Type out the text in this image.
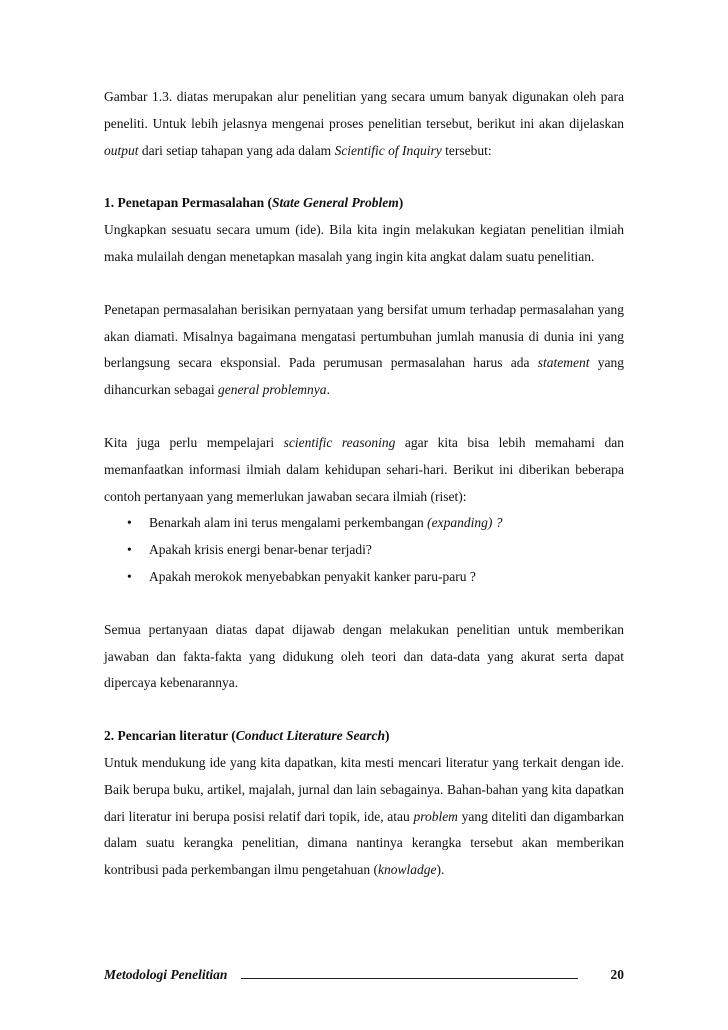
Gambar 1.3. diatas merupakan alur penelitian yang secara umum banyak digunakan oleh para peneliti. Untuk lebih jelasnya mengenai proses penelitian tersebut, berikut ini akan dijelaskan output dari setiap tahapan yang ada dalam Scientific of Inquiry tersebut:

1. Penetapan Permasalahan (State General Problem)

Ungkapkan sesuatu secara umum (ide). Bila kita ingin melakukan kegiatan penelitian ilmiah maka mulailah dengan menetapkan masalah yang ingin kita angkat dalam suatu penelitian.

Penetapan permasalahan berisikan pernyataan yang bersifat umum terhadap permasalahan yang akan diamati. Misalnya bagaimana mengatasi pertumbuhan jumlah manusia di dunia ini yang berlangsung secara eksponsial. Pada perumusan permasalahan harus ada statement yang dihancurkan sebagai general problemnya.

Kita juga perlu mempelajari scientific reasoning agar kita bisa lebih memahami dan memanfaatkan informasi ilmiah dalam kehidupan sehari-hari. Berikut ini diberikan beberapa contoh pertanyaan yang memerlukan jawaban secara ilmiah (riset):

• Benarkah alam ini terus mengalami perkembangan (expanding) ?
• Apakah krisis energi benar-benar terjadi?
• Apakah merokok menyebabkan penyakit kanker paru-paru ?

Semua pertanyaan diatas dapat dijawab dengan melakukan penelitian untuk memberikan jawaban dan fakta-fakta yang didukung oleh teori dan data-data yang akurat serta dapat dipercaya kebenarannya.

2. Pencarian literatur (Conduct Literature Search)

Untuk mendukung ide yang kita dapatkan, kita mesti mencari literatur yang terkait dengan ide. Baik berupa buku, artikel, majalah, jurnal dan lain sebagainya. Bahan-bahan yang kita dapatkan dari literatur ini berupa posisi relatif dari topik, ide, atau problem yang diteliti dan digambarkan dalam suatu kerangka penelitian, dimana nantinya kerangka tersebut akan memberikan kontribusi pada perkembangan ilmu pengetahuan (knowladge).

Metodologi Penelitian	20
